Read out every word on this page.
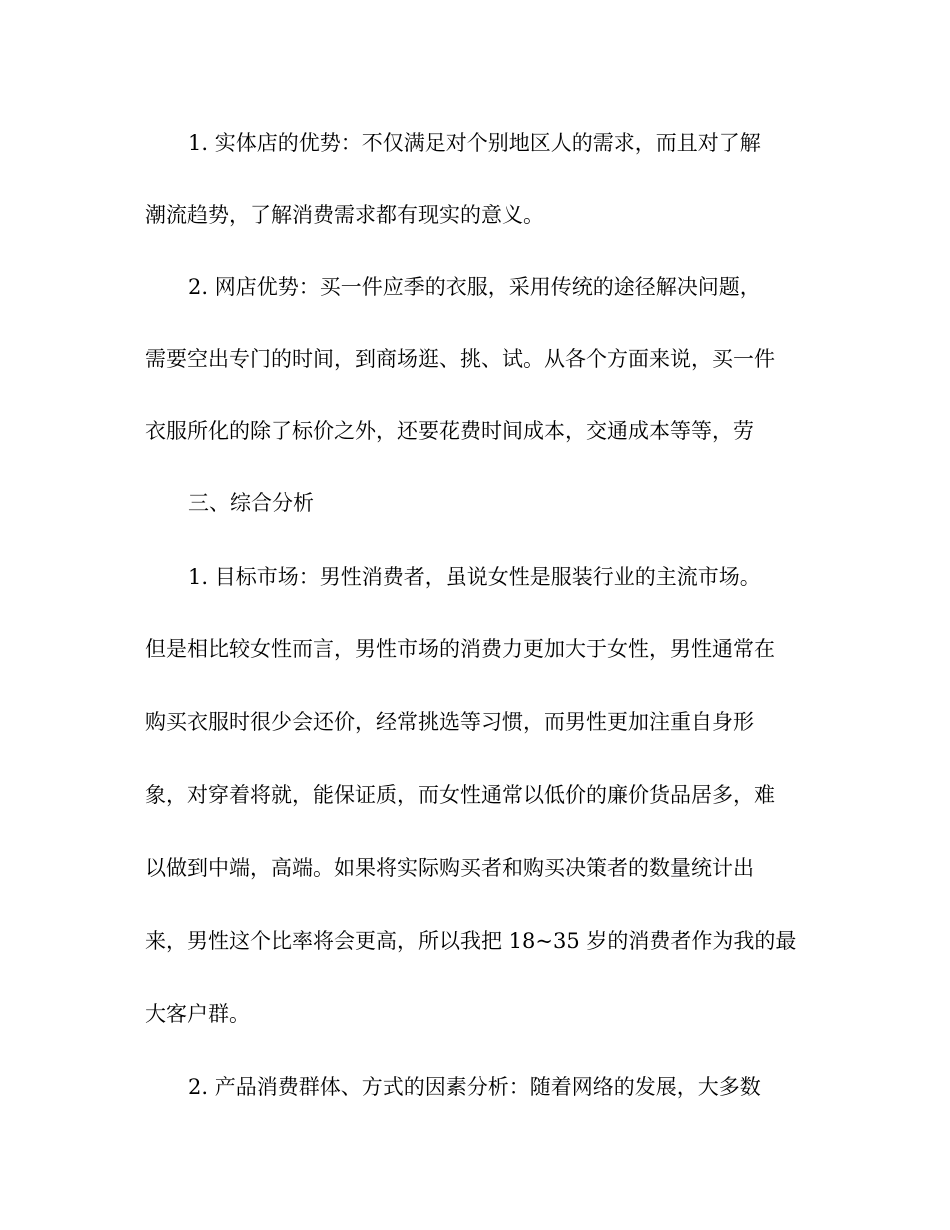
1. 实体店的优势：不仅满足对个别地区人的需求，而且对了解
潮流趋势，了解消费需求都有现实的意义。
2. 网店优势：买一件应季的衣服，采用传统的途径解决问题，
需要空出专门的时间，到商场逛、挑、试。从各个方面来说，买一件
衣服所化的除了标价之外，还要花费时间成本，交通成本等等，劳
三、综合分析
1. 目标市场：男性消费者，虽说女性是服装行业的主流市场。
但是相比较女性而言，男性市场的消费力更加大于女性，男性通常在
购买衣服时很少会还价，经常挑选等习惯，而男性更加注重自身形
象，对穿着将就，能保证质，而女性通常以低价的廉价货品居多，难
以做到中端，高端。如果将实际购买者和购买决策者的数量统计出
来，男性这个比率将会更高，所以我把 18~35 岁的消费者作为我的最
大客户群。
2. 产品消费群体、方式的因素分析：随着网络的发展，大多数
